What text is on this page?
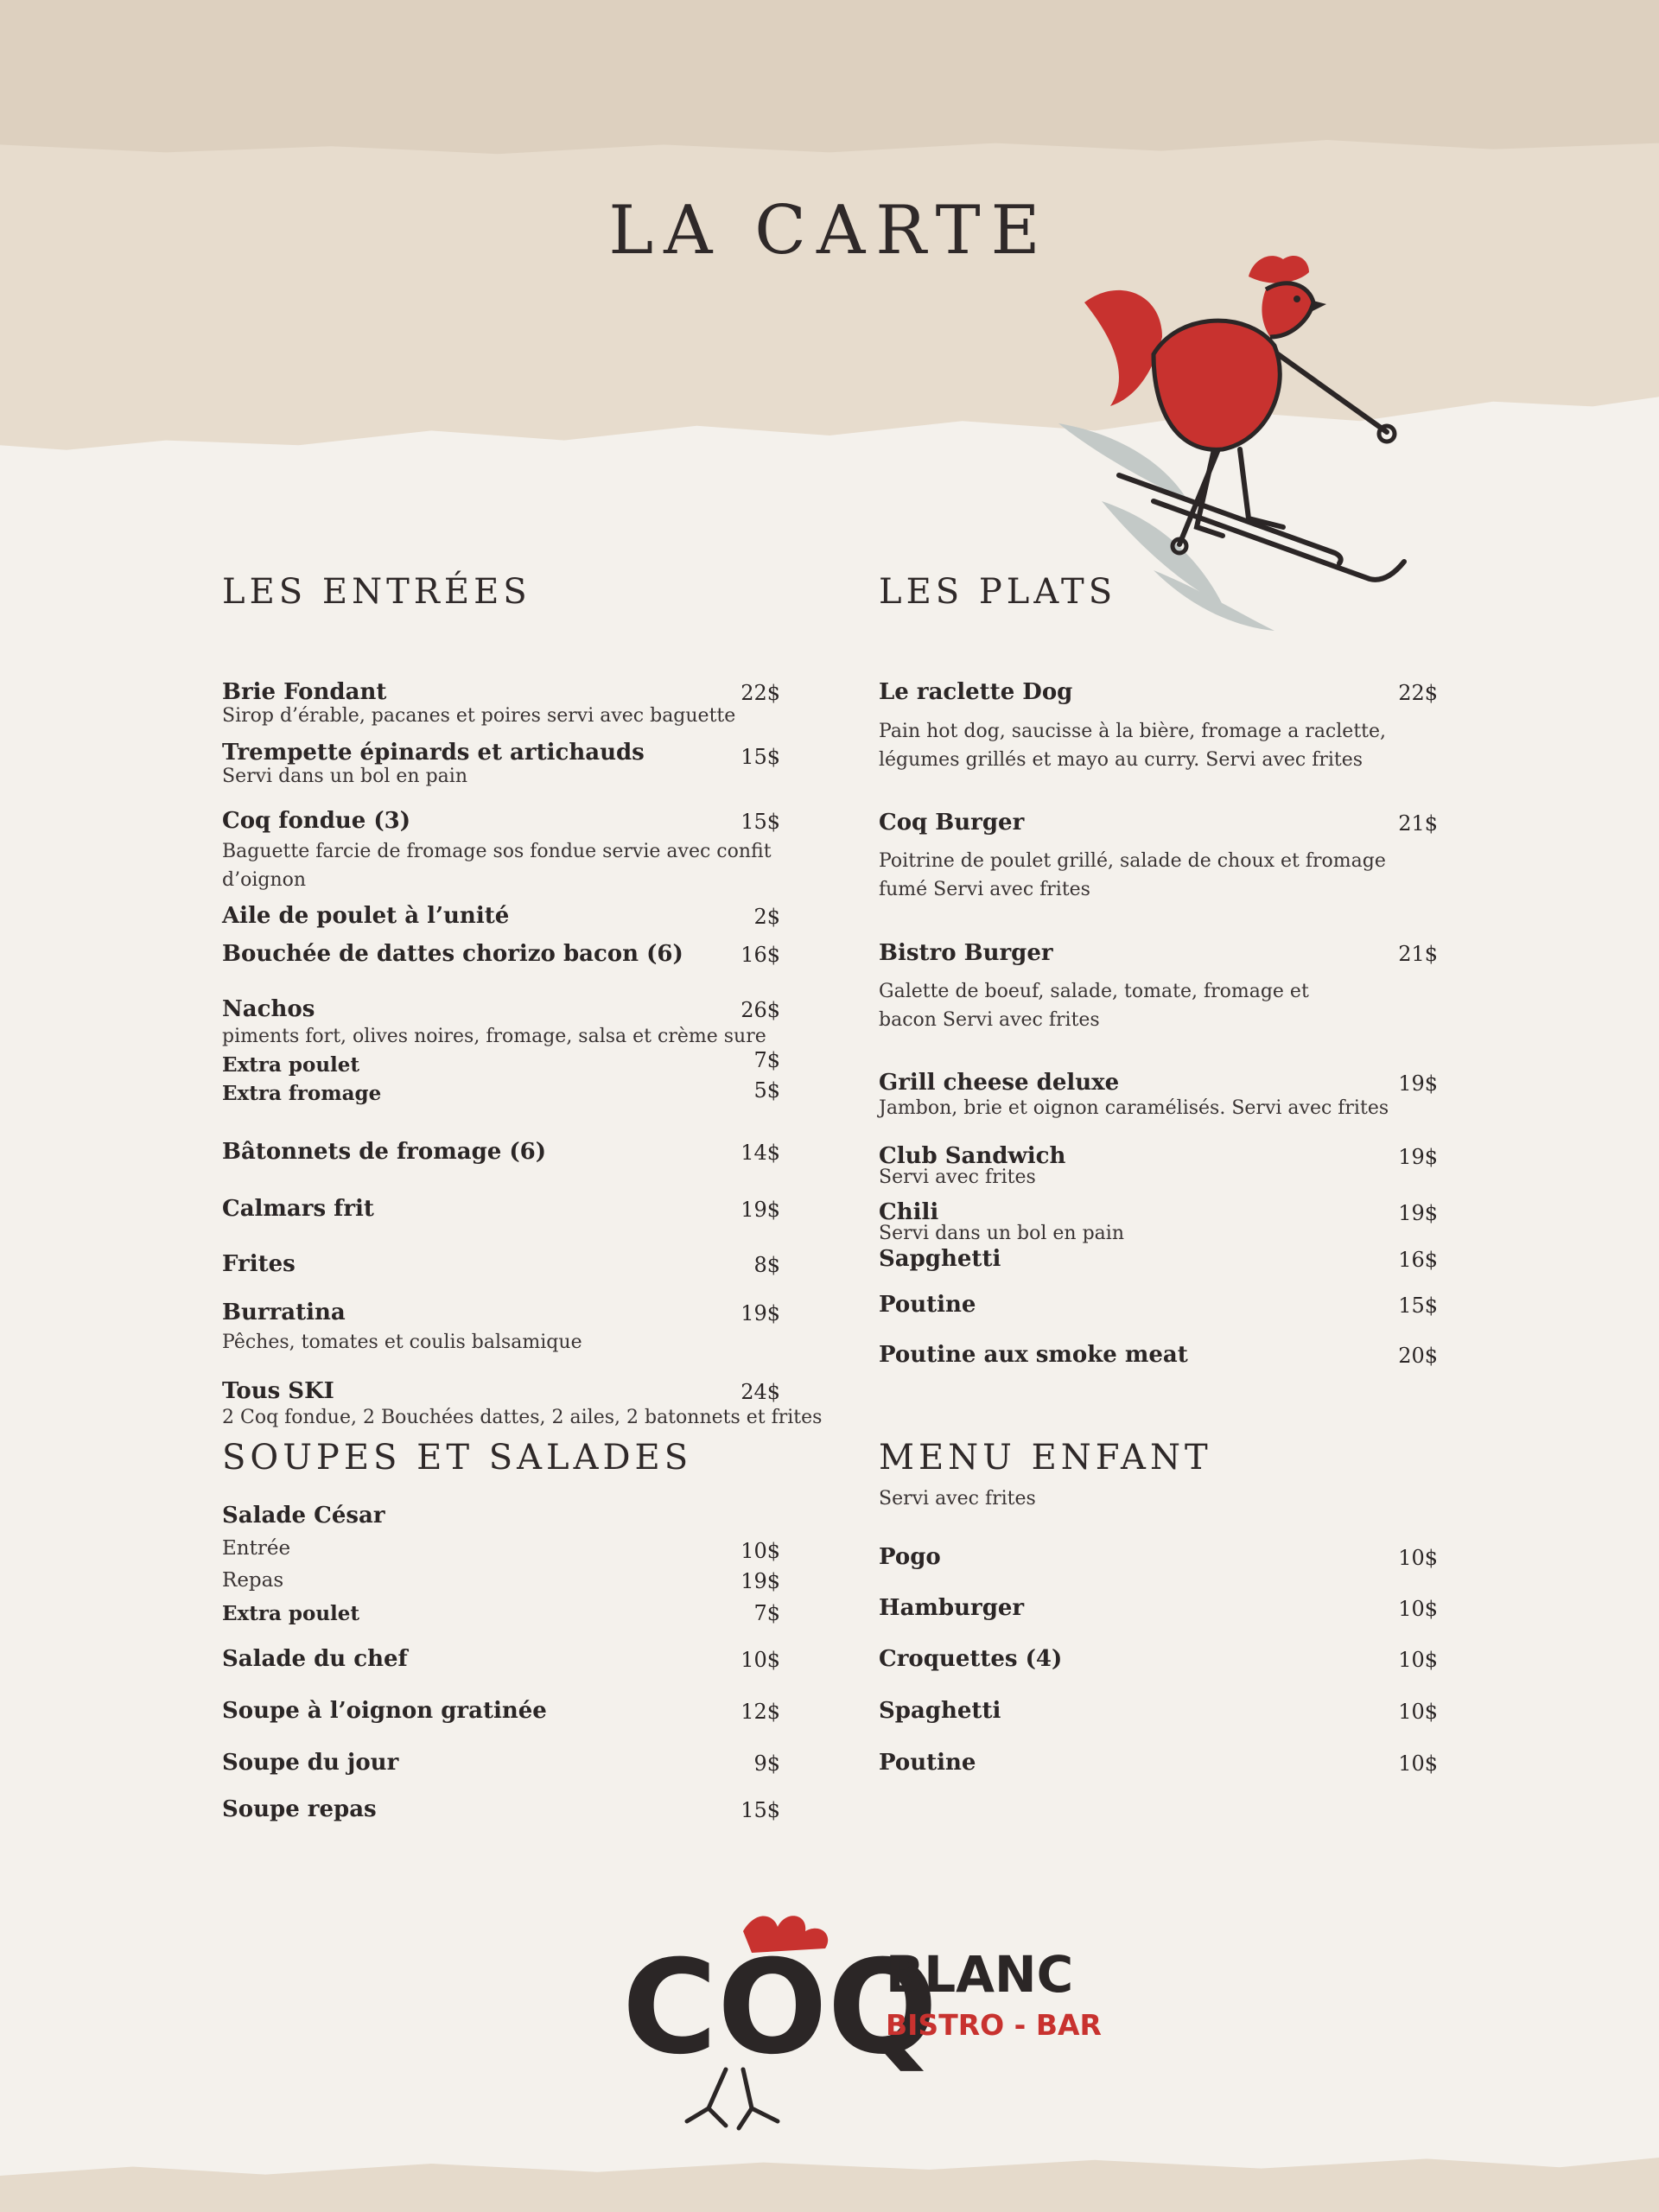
LA CARTE
LES ENTRÉES
Brie Fondant	22$
Sirop d’érable, pacanes et poires servi avec baguette
Trempette épinards et artichauds	15$
Servi dans un bol en pain
Coq fondue (3)	15$
Baguette farcie de fromage sos fondue servie avec confit d’oignon
Aile de poulet à l’unité	2$
Bouchée de dattes chorizo bacon (6)	16$
Nachos	26$
piments fort, olives noires, fromage, salsa et crème sure
Extra poulet	7$
Extra fromage	5$
Bâtonnets de fromage (6)	14$
Calmars frit	19$
Frites	8$
Burratina	19$
Pêches, tomates et coulis balsamique
Tous SKI	24$
2 Coq fondue, 2 Bouchées dattes, 2 ailes, 2 batonnets et frites
SOUPES ET SALADES
Salade César
Entrée	10$
Repas	19$
Extra poulet	7$
Salade du chef	10$
Soupe à l’oignon gratinée	12$
Soupe du jour	9$
Soupe repas	15$
LES PLATS
Le raclette Dog	22$
Pain hot dog, saucisse à la bière, fromage a raclette, légumes grillés et mayo au curry. Servi avec frites
Coq Burger	21$
Poitrine de poulet grillé, salade de choux et fromage fumé Servi avec frites
Bistro Burger	21$
Galette de boeuf, salade, tomate, fromage et bacon Servi avec frites
Grill cheese deluxe	19$
Jambon, brie et oignon caramélisés. Servi avec frites
Club Sandwich	19$
Servi avec frites
Chili	19$
Servi dans un bol en pain
Sapghetti	16$
Poutine	15$
Poutine aux smoke meat	20$
MENU ENFANT
Servi avec frites
Pogo	10$
Hamburger	10$
Croquettes (4)	10$
Spaghetti	10$
Poutine	10$
COQ
BLANC
BISTRO - BAR
